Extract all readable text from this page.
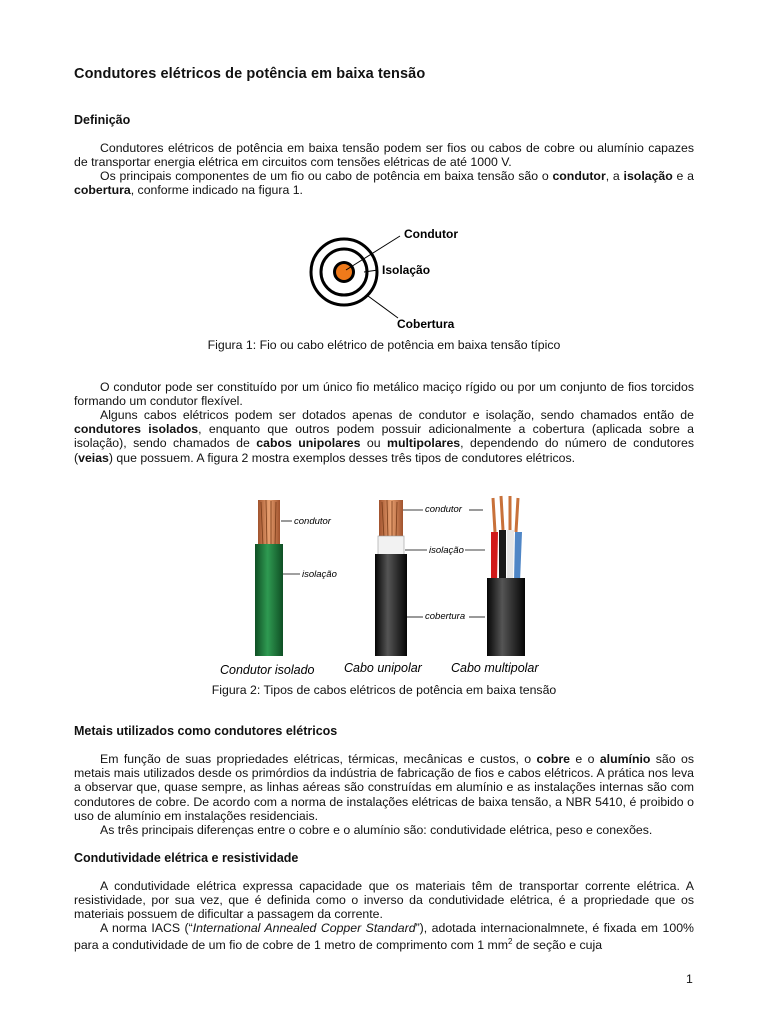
Condutores elétricos de potência em baixa tensão
Definição

Condutores elétricos de potência em baixa tensão podem ser fios ou cabos de cobre ou alumínio capazes de transportar energia elétrica em circuitos com tensões elétricas de até 1000 V.

Os principais componentes de um fio ou cabo de potência em baixa tensão são o condutor, a isolação e a cobertura, conforme indicado na figura 1.

Condutor
Isolação
Cobertura

Figura 1: Fio ou cabo elétrico de potência em baixa tensão típico

O condutor pode ser constituído por um único fio metálico maciço rígido ou por um conjunto de fios torcidos formando um condutor flexível.

Alguns cabos elétricos podem ser dotados apenas de condutor e isolação, sendo chamados então de condutores isolados, enquanto que outros podem possuir adicionalmente a cobertura (aplicada sobre a isolação), sendo chamados de cabos unipolares ou multipolares, dependendo do número de condutores (veias) que possuem. A figura 2 mostra exemplos desses três tipos de condutores elétricos.

condutor
isolação
condutor
isolação
cobertura
Condutor isolado Cabo unipolar Cabo multipolar

Figura 2: Tipos de cabos elétricos de potência em baixa tensão

Metais utilizados como condutores elétricos

Em função de suas propriedades elétricas, térmicas, mecânicas e custos, o cobre e o alumínio são os metais mais utilizados desde os primórdios da indústria de fabricação de fios e cabos elétricos. A prática nos leva a observar que, quase sempre, as linhas aéreas são construídas em alumínio e as instalações internas são com condutores de cobre. De acordo com a norma de instalações elétricas de baixa tensão, a NBR 5410, é proibido o uso de alumínio em instalações residenciais.

As três principais diferenças entre o cobre e o alumínio são: condutividade elétrica, peso e conexões.

Condutividade elétrica e resistividade

A condutividade elétrica expressa capacidade que os materiais têm de transportar corrente elétrica. A resistividade, por sua vez, que é definida como o inverso da condutividade elétrica, é a propriedade que os materiais possuem de dificultar a passagem da corrente.

A norma IACS (“International Annealed Copper Standard”), adotada internacionalmnete, é fixada em 100% para a condutividade de um fio de cobre de 1 metro de comprimento com 1 $mm^2$ de seção e cuja

1
